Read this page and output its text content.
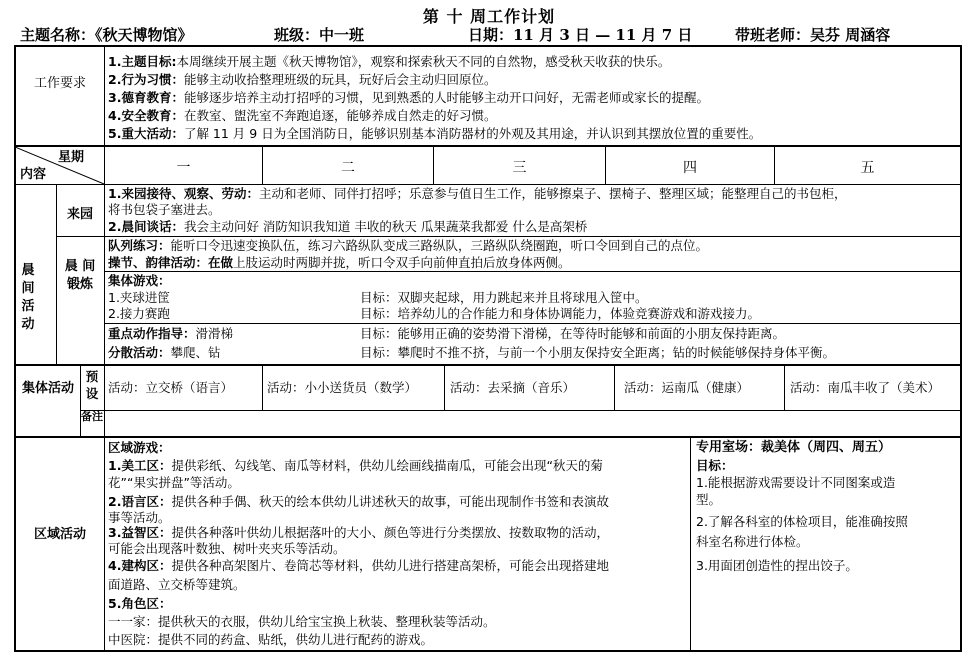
第 十 周工作计划
主题名称：《秋天博物馆》	班级：中一班	日期：11 月 3 日 — 11 月 7 日	带班老师：吴芬 周涵容
工作要求
1.主题目标:本周继续开展主题《秋天博物馆》，观察和探索秋天不同的自然物，感受秋天收获的快乐。
2.行为习惯：能够主动收拾整理班级的玩具，玩好后会主动归回原位。
3.德育教育：能够逐步培养主动打招呼的习惯，见到熟悉的人时能够主动开口问好，无需老师或家长的提醒。
4.安全教育：在教室、盥洗室不奔跑追逐，能够养成自然走的好习惯。
5.重大活动：了解 11 月 9 日为全国消防日，能够识别基本消防器材的外观及其用途，并认识到其摆放位置的重要性。
星期
内容	一	二	三	四	五
晨
间
活
动
来园
晨 间 锻炼
1.来园接待、观察、劳动：主动和老师、同伴打招呼；乐意参与值日生工作，能够擦桌子、摆椅子、整理区域；能整理自己的书包柜，
将书包袋子塞进去。
2.晨间谈话：我会主动问好 消防知识我知道 丰收的秋天 瓜果蔬菜我都爱 什么是高架桥
队列练习：能听口令迅速变换队伍，练习六路纵队变成三路纵队，三路纵队绕圈跑，听口令回到自己的点位。
操节、韵律活动：在做上肢运动时两脚并拢，听口令双手向前伸直拍后放身体两侧。
集体游戏：
1.夹球进筐	目标：双脚夹起球，用力跳起来并且将球甩入筐中。
2.接力赛跑	目标：培养幼儿的合作能力和身体协调能力，体验竞赛游戏和游戏接力。
重点动作指导：滑滑梯	目标：能够用正确的姿势滑下滑梯，在等待时能够和前面的小朋友保持距离。
分散活动：攀爬、钻	目标：攀爬时不推不挤，与前一个小朋友保持安全距离；钻的时候能够保持身体平衡。
集体活动
预设
备注
活动：立交桥（语言）	活动：小小送货员（数学）	活动：去采摘（音乐）	活动：运南瓜（健康）	活动：南瓜丰收了（美术）
区域活动
区域游戏：
1.美工区：提供彩纸、勾线笔、南瓜等材料，供幼儿绘画线描南瓜，可能会出现“秋天的菊
花”“果实拼盘”等活动。
2.语言区：提供各种手偶、秋天的绘本供幼儿讲述秋天的故事，可能出现制作书签和表演故
事等活动。
3.益智区：提供各种落叶供幼儿根据落叶的大小、颜色等进行分类摆放、按数取物的活动，
可能会出现落叶数独、树叶夹夹乐等活动。
4.建构区：提供各种高架图片、卷筒芯等材料，供幼儿进行搭建高架桥，可能会出现搭建地
面道路、立交桥等建筑。
5.角色区：
一一家：提供秋天的衣服，供幼儿给宝宝换上秋装、整理秋装等活动。
中医院：提供不同的药盒、贴纸，供幼儿进行配药的游戏。
专用室场：裁美体（周四、周五）
目标：
1.能根据游戏需要设计不同图案或造
型。
2.了解各科室的体检项目，能准确按照
科室名称进行体检。
3.用面团创造性的捏出饺子。
